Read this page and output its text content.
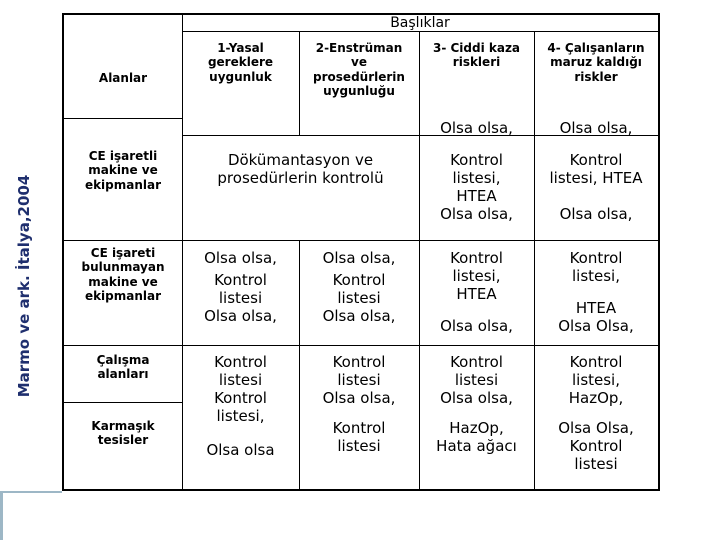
Marmo ve ark. İtalya,2004
Başlıklar
Alanlar
1-Yasal
gereklere
uygunluk
2-Enstrüman
ve
prosedürlerin
uygunluğu
3- Ciddi kaza
riskleri
4- Çalışanların
maruz kaldığı
riskler
Olsa olsa,	Olsa olsa,
CE işaretli
makine ve
ekipmanlar
Dökümantasyon ve
prosedürlerin kontrolü
Kontrol
listesi,
HTEA
Olsa olsa,
Kontrol
listesi, HTEA
Olsa olsa,
CE işareti
bulunmayan
makine ve
ekipmanlar
Olsa olsa,
Kontrol
listesi
Olsa olsa,
Olsa olsa,
Kontrol
listesi
Olsa olsa,
Kontrol
listesi,
HTEA
Olsa olsa,
Kontrol
listesi,
HTEA
Olsa Olsa,
Çalışma
alanları
Karmaşık
tesisler
Kontrol
listesi
Kontrol
listesi,
Olsa olsa
Kontrol
listesi
Olsa olsa,
Kontrol
listesi
Kontrol
listesi
Olsa olsa,
HazOp,
Hata ağacı
Kontrol
listesi,
HazOp,
Olsa Olsa,
Kontrol
listesi
